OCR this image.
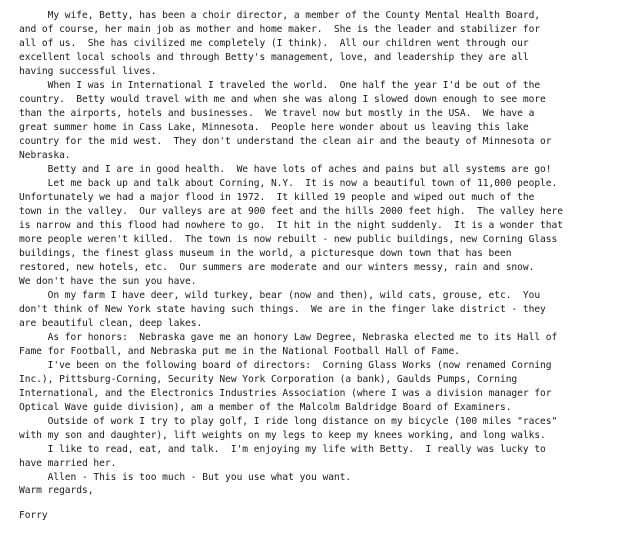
My wife, Betty, has been a choir director, a member of the County Mental Health Board,
and of course, her main job as mother and home maker.  She is the leader and stabilizer for
all of us.  She has civilized me completely (I think).  All our children went through our
excellent local schools and through Betty's management, love, and leadership they are all
having successful lives.
When I was in International I traveled the world.  One half the year I'd be out of the
country.  Betty would travel with me and when she was along I slowed down enough to see more
than the airports, hotels and businesses.  We travel now but mostly in the USA.  We have a
great summer home in Cass Lake, Minnesota.  People here wonder about us leaving this lake
country for the mid west.  They don't understand the clean air and the beauty of Minnesota or
Nebraska.
Betty and I are in good health.  We have lots of aches and pains but all systems are go!
Let me back up and talk about Corning, N.Y.  It is now a beautiful town of 11,000 people.
Unfortunately we had a major flood in 1972.  It killed 19 people and wiped out much of the
town in the valley.  Our valleys are at 900 feet and the hills 2000 feet high.  The valley here
is narrow and this flood had nowhere to go.  It hit in the night suddenly.  It is a wonder that
more people weren't killed.  The town is now rebuilt - new public buildings, new Corning Glass
buildings, the finest glass museum in the world, a picturesque down town that has been
restored, new hotels, etc.  Our summers are moderate and our winters messy, rain and snow.
We don't have the sun you have.
On my farm I have deer, wild turkey, bear (now and then), wild cats, grouse, etc.  You
don't think of New York state having such things.  We are in the finger lake district - they
are beautiful clean, deep lakes.
As for honors:  Nebraska gave me an honory Law Degree, Nebraska elected me to its Hall of
Fame for Football, and Nebraska put me in the National Football Hall of Fame.
I've been on the following board of directors:  Corning Glass Works (now renamed Corning
Inc.), Pittsburg-Corning, Security New York Corporation (a bank), Gaulds Pumps, Corning
International, and the Electronics Industries Association (where I was a division manager for
Optical Wave guide division), am a member of the Malcolm Baldridge Board of Examiners.
Outside of work I try to play golf, I ride long distance on my bicycle (100 miles "races"
with my son and daughter), lift weights on my legs to keep my knees working, and long walks.
I like to read, eat, and talk.  I'm enjoying my life with Betty.  I really was lucky to
have married her.
Allen - This is too much - But you use what you want.
Warm regards,
Forry
